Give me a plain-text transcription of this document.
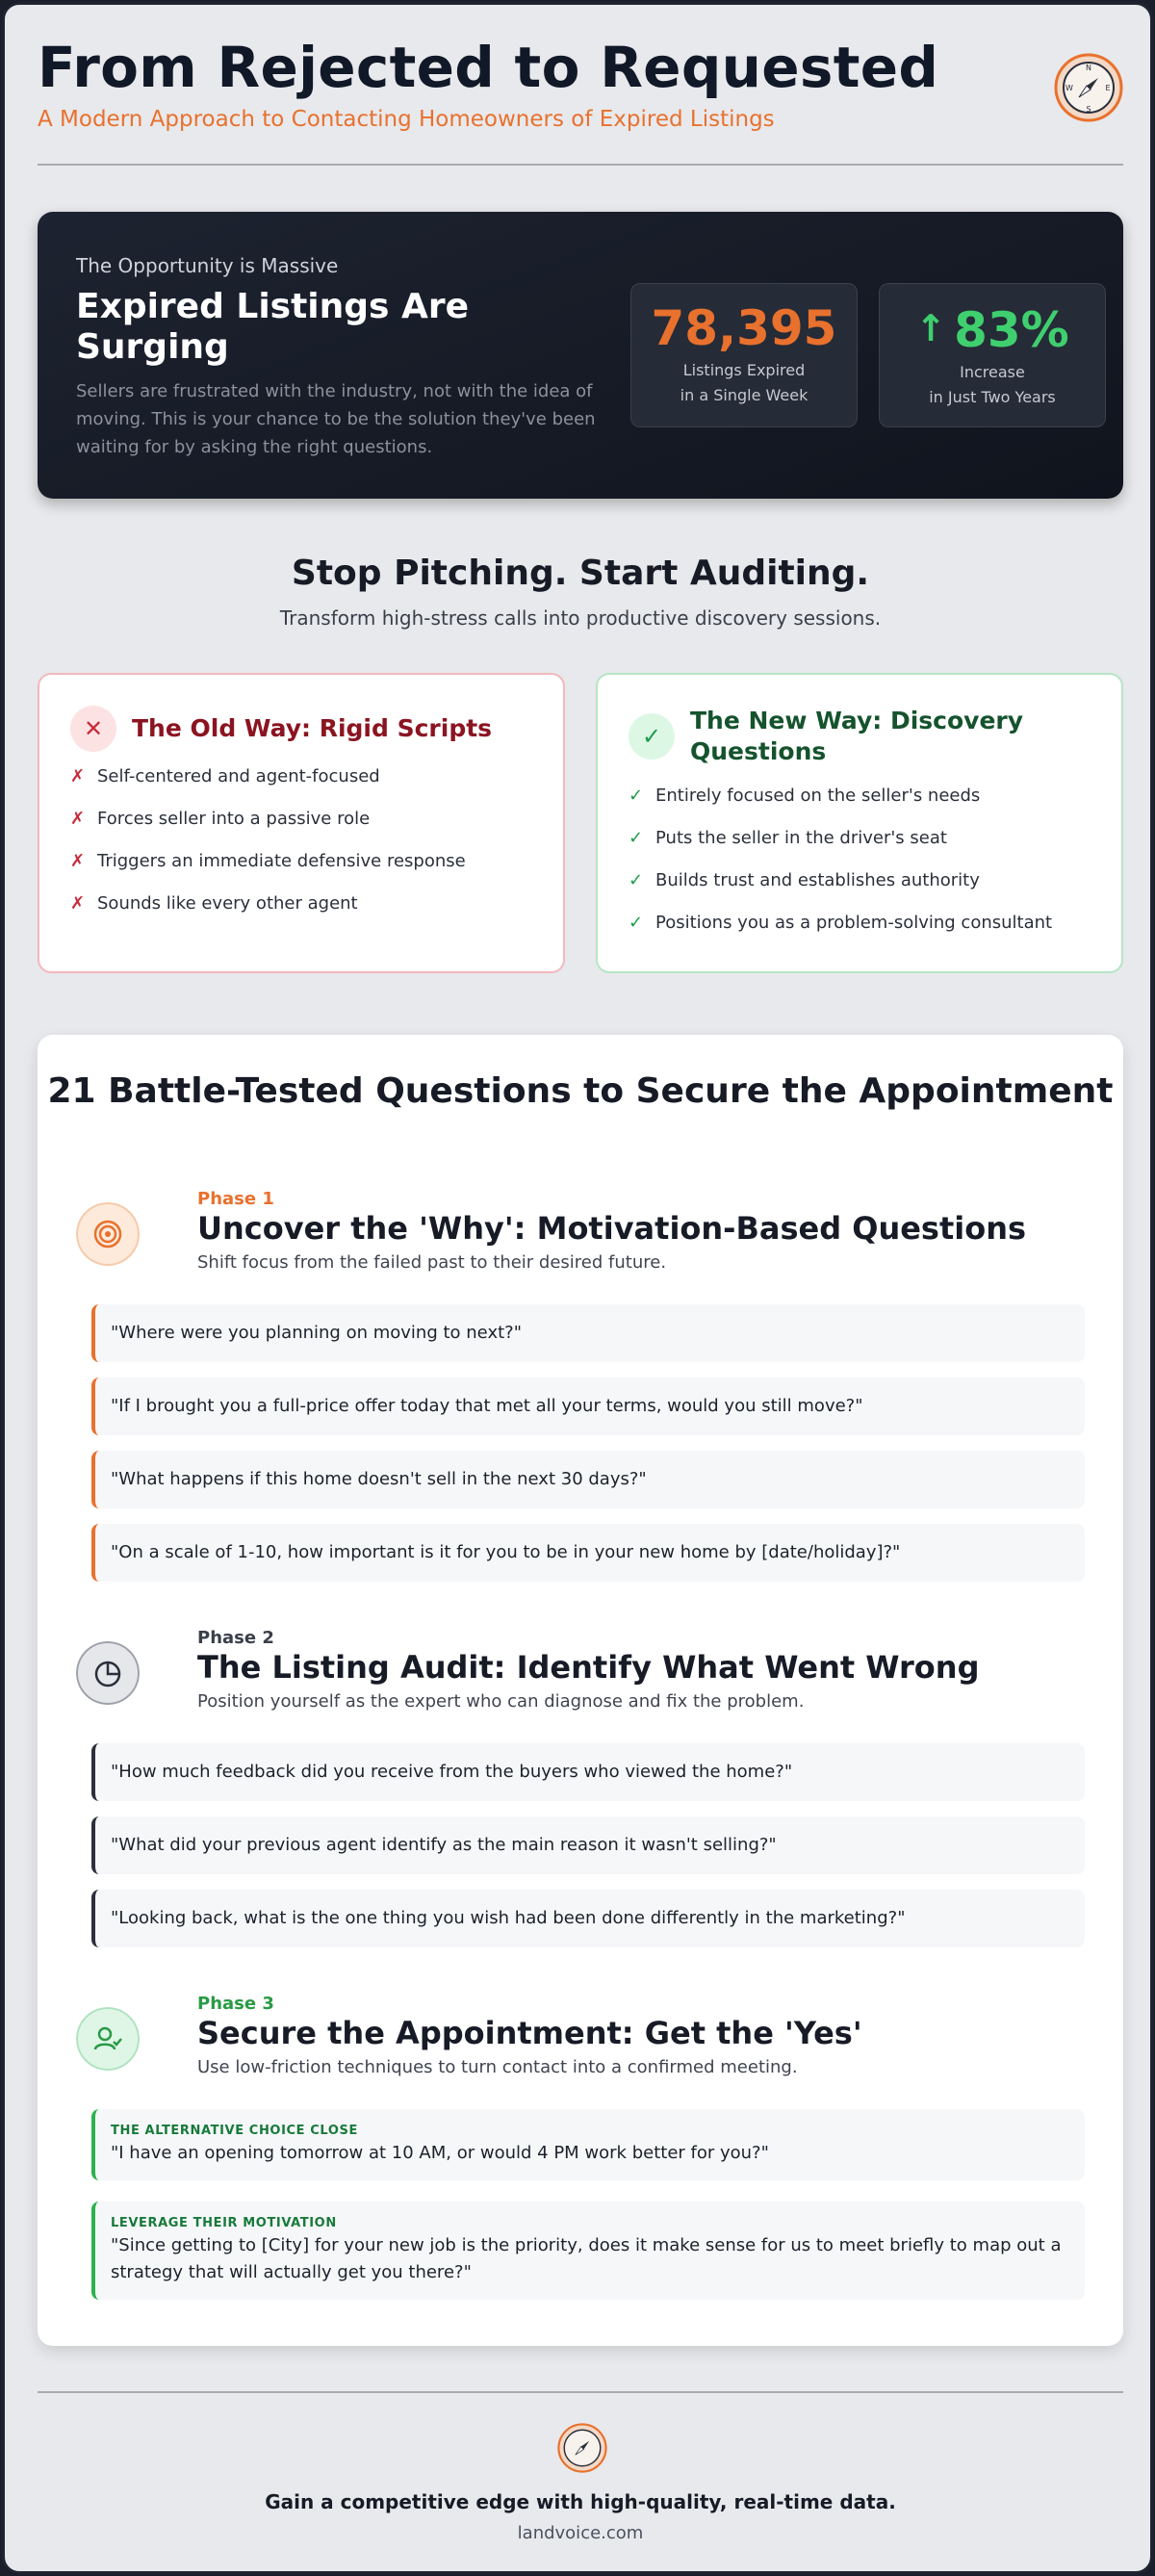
From Rejected to Requested
A Modern Approach to Contacting Homeowners of Expired Listings
N
S
W	E
The Opportunity is Massive
Expired Listings Are Surging
Sellers are frustrated with the industry, not with the idea of moving. This is your chance to be the solution they've been waiting for by asking the right questions.
78,395
Listings Expired
in a Single Week
↑ 83%
Increase
in Just Two Years
Stop Pitching. Start Auditing.

Transform high-stress calls into productive discovery sessions.

✕	The Old Way: Rigid Scripts
✗ Self-centered and agent-focused
✗ Forces seller into a passive role
✗ Triggers an immediate defensive response
✗ Sounds like every other agent
✓
The New Way: Discovery Questions
✓ Entirely focused on the seller's needs
✓ Puts the seller in the driver's seat
✓ Builds trust and establishes authority
✓ Positions you as a problem-solving consultant
21 Battle-Tested Questions to Secure the Appointment
Phase 1
Uncover the 'Why': Motivation-Based Questions
Shift focus from the failed past to their desired future.
"Where were you planning on moving to next?"
"If I brought you a full-price offer today that met all your terms, would you still move?"
"What happens if this home doesn't sell in the next 30 days?"
"On a scale of 1-10, how important is it for you to be in your new home by [date/holiday]?"
Phase 2
The Listing Audit: Identify What Went Wrong
Position yourself as the expert who can diagnose and fix the problem.
"How much feedback did you receive from the buyers who viewed the home?"
"What did your previous agent identify as the main reason it wasn't selling?"
"Looking back, what is the one thing you wish had been done differently in the marketing?"
Phase 3
Secure the Appointment: Get the 'Yes'
Use low-friction techniques to turn contact into a confirmed meeting.
THE ALTERNATIVE CHOICE CLOSE
"I have an opening tomorrow at 10 AM, or would 4 PM work better for you?"
LEVERAGE THEIR MOTIVATION
"Since getting to [City] for your new job is the priority, does it make sense for us to meet briefly to map out a strategy that will actually get you there?"
Gain a competitive edge with high-quality, real-time data.
landvoice.com
